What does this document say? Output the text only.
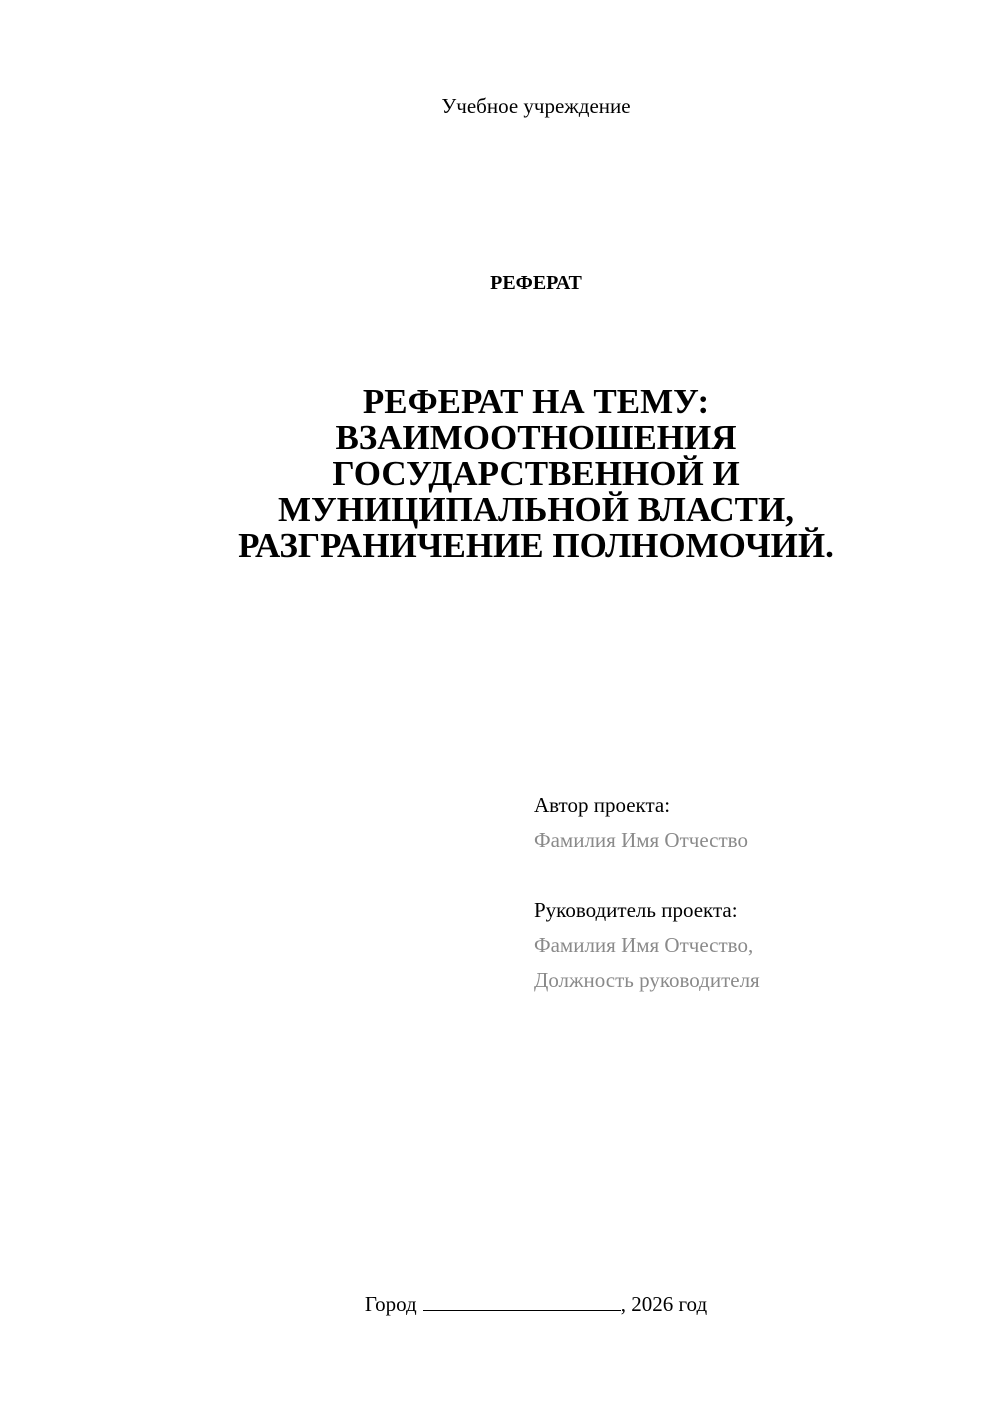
Учебное учреждение
РЕФЕРАТ
РЕФЕРАТ НА ТЕМУ:
ВЗАИМООТНОШЕНИЯ
ГОСУДАРСТВЕННОЙ И
МУНИЦИПАЛЬНОЙ ВЛАСТИ,
РАЗГРАНИЧЕНИЕ ПОЛНОМОЧИЙ.
Автор проекта:
Фамилия Имя Отчество
Руководитель проекта:
Фамилия Имя Отчество,
Должность руководителя
Город	, 2026 год
